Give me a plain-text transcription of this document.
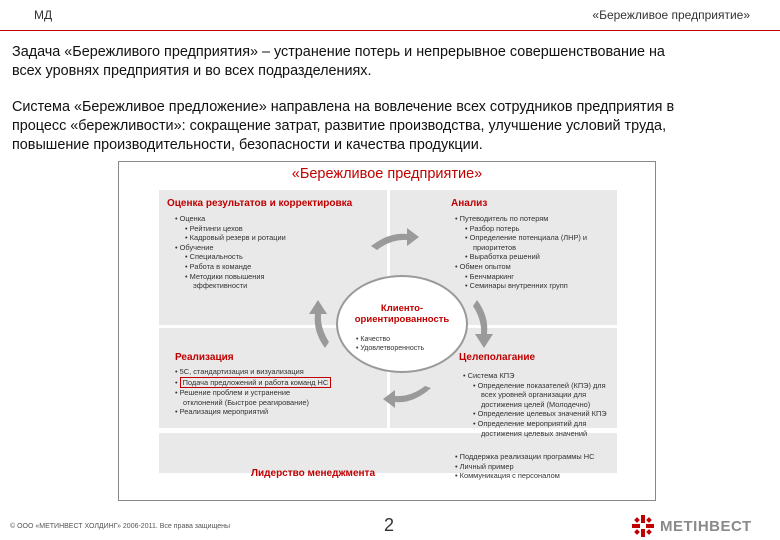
МД	«Бережливое предприятие»
Задача «Бережливого предприятия» – устранение потерь и непрерывное совершенствование на
всех уровнях предприятия и во всех подразделениях.
Система «Бережливое предложение» направлена на вовлечение всех сотрудников предприятия в
процесс «бережливости»: сокращение затрат, развитие производства, улучшение условий труда,
повышение производительности, безопасности и качества продукции.
«Бережливое предприятие»
Оценка результатов и корректировка
• Оценка
• Рейтинги цехов
• Кадровый резерв и ротации
• Обучение
• Специальность
• Работа в команде
• Методики повышения
эффективности
Анализ
• Путеводитель по потерям
• Разбор потерь
• Определение потенциала (ЛНР) и
приоритетов
• Выработка решений
• Обмен опытом
• Бенчмаркинг
• Семинары внутренних групп
Реализация
• 5С, стандартизация и визуализация
• Подача предложений и работа команд НС
• Решение проблем и устранение
отклонений (Быстрое реагирование)
• Реализация мероприятий
Целеполагание
• Система КПЭ
• Определение показателей (КПЭ) для
всех уровней организации для
достижения целей (Молодечно)
• Определение целевых значений КПЭ
• Определение мероприятий для
достижения целевых значений
Клиенто-
ориентированность
• Качество
• Удовлетворенность
Лидерство менеджмента
• Поддержка реализации программы НС
• Личный пример
• Коммуникация с персоналом
© ООО «МЕТИНВЕСТ ХОЛДИНГ» 2006-2011. Все права защищены	2	МЕТІНВЕСТ
